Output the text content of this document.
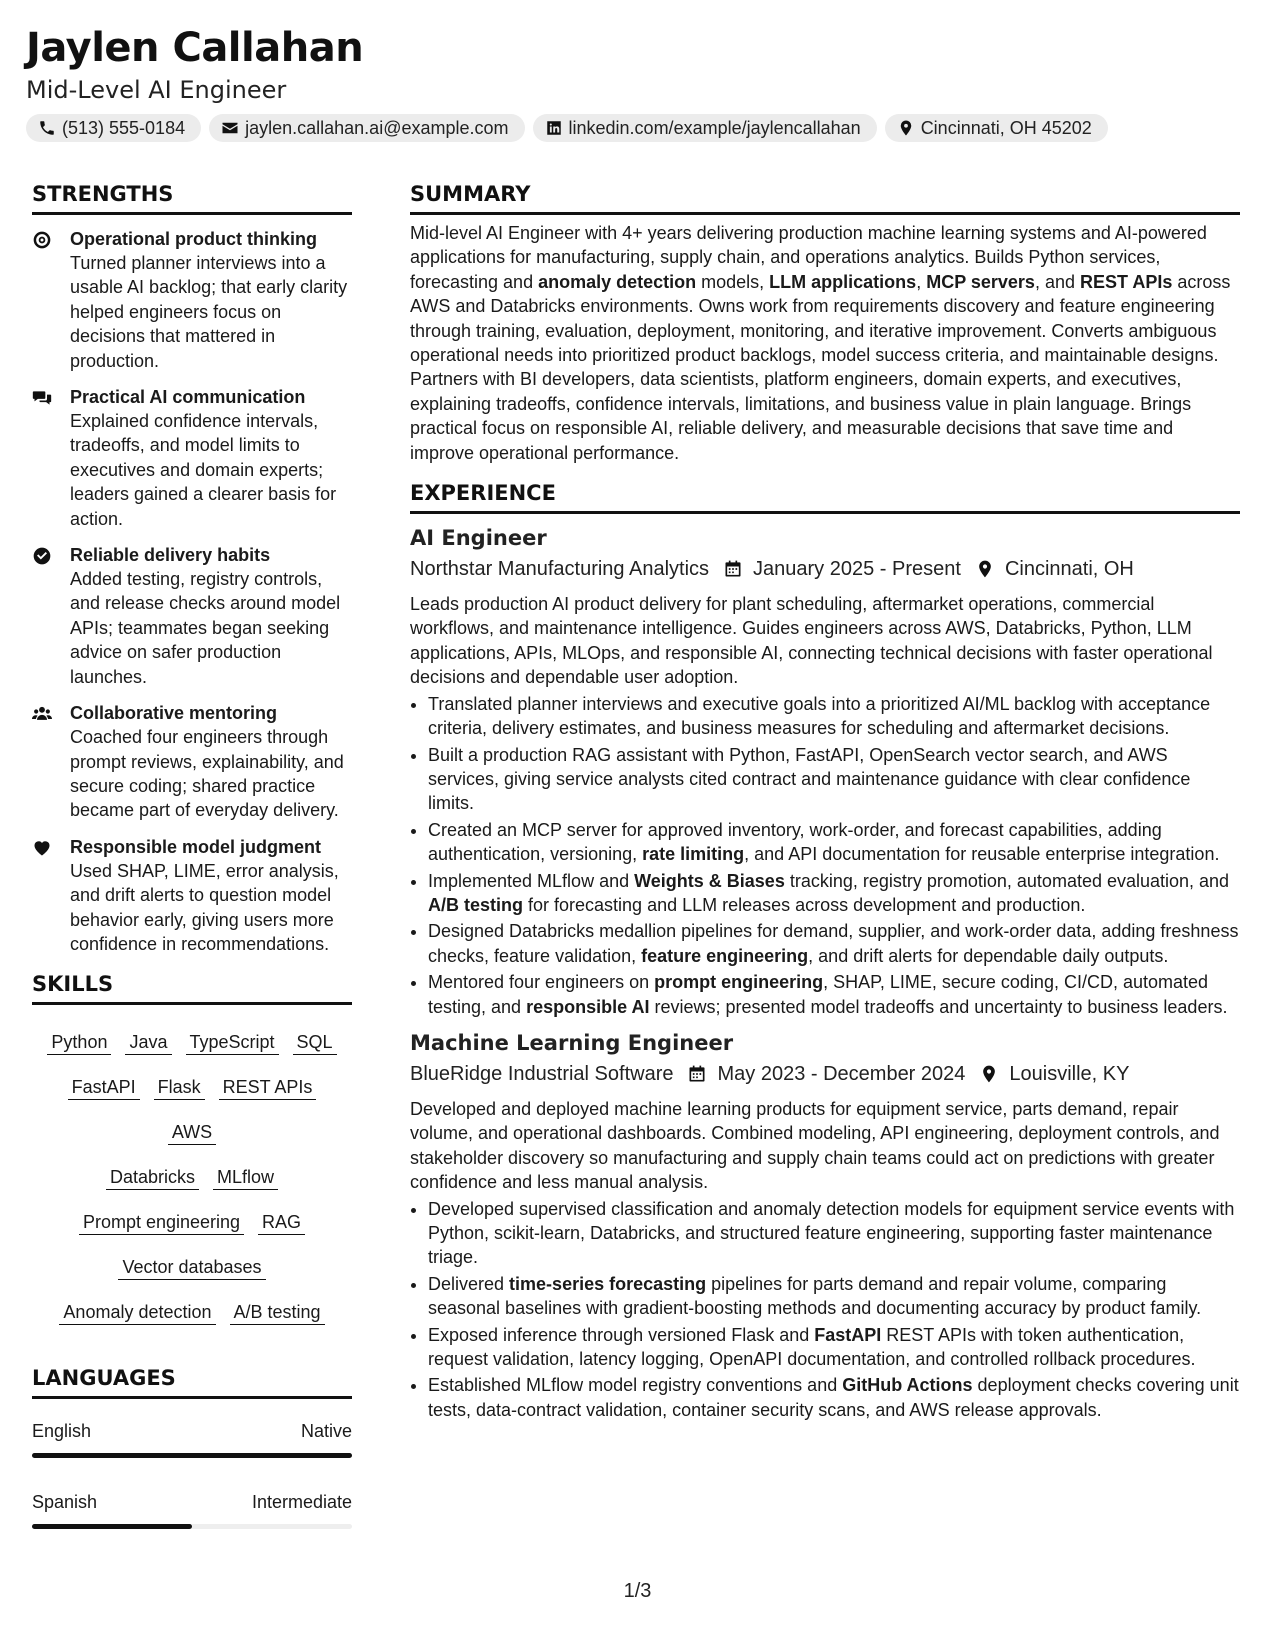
Jaylen Callahan

Mid-Level AI Engineer

(513) 555-0184	jaylen.callahan.ai@example.com	linkedin.com/example/jaylencallahan	Cincinnati, OH 45202
STRENGTHS
Operational product thinking
Turned planner interviews into a usable AI backlog; that early clarity helped engineers focus on decisions that mattered in production.
Practical AI communication
Explained confidence intervals, tradeoffs, and model limits to executives and domain experts; leaders gained a clearer basis for action.
Reliable delivery habits
Added testing, registry controls, and release checks around model APIs; teammates began seeking advice on safer production launches.
Collaborative mentoring
Coached four engineers through prompt reviews, explainability, and secure coding; shared practice became part of everyday delivery.
Responsible model judgment
Used SHAP, LIME, error analysis, and drift alerts to question model behavior early, giving users more confidence in recommendations.
SKILLS
Python Java TypeScript SQL
FastAPI Flask REST APIsAWS
Databricks MLflow
Prompt engineering RAG
Vector databases
Anomaly detection A/B testing
LANGUAGES
English	Native
Spanish	Intermediate
SUMMARY

Mid-level AI Engineer with 4+ years delivering production machine learning systems and AI-powered applications for manufacturing, supply chain, and operations analytics. Builds Python services, forecasting and anomaly detection models, LLM applications, MCP servers, and REST APIs across AWS and Databricks environments. Owns work from requirements discovery and feature engineering through training, evaluation, deployment, monitoring, and iterative improvement. Converts ambiguous operational needs into prioritized product backlogs, model success criteria, and maintainable designs. Partners with BI developers, data scientists, platform engineers, domain experts, and executives, explaining tradeoffs, confidence intervals, limitations, and business value in plain language. Brings practical focus on responsible AI, reliable delivery, and measurable decisions that save time and improve operational performance.

EXPERIENCE
AI Engineer
Northstar Manufacturing Analytics January 2025 - Present Cincinnati, OH

Leads production AI product delivery for plant scheduling, aftermarket operations, commercial workflows, and maintenance intelligence. Guides engineers across AWS, Databricks, Python, LLM applications, APIs, MLOps, and responsible AI, connecting technical decisions with faster operational decisions and dependable user adoption.

• Translated planner interviews and executive goals into a prioritized AI/ML backlog with acceptance criteria, delivery estimates, and business measures for scheduling and aftermarket decisions.
• Built a production RAG assistant with Python, FastAPI, OpenSearch vector search, and AWS services, giving service analysts cited contract and maintenance guidance with clear confidence limits.
• Created an MCP server for approved inventory, work-order, and forecast capabilities, adding authentication, versioning, rate limiting, and API documentation for reusable enterprise integration.
• Implemented MLflow and Weights & Biases tracking, registry promotion, automated evaluation, and A/B testing for forecasting and LLM releases across development and production.
• Designed Databricks medallion pipelines for demand, supplier, and work-order data, adding freshness checks, feature validation, feature engineering, and drift alerts for dependable daily outputs.
• Mentored four engineers on prompt engineering, SHAP, LIME, secure coding, CI/CD, automated testing, and responsible AI reviews; presented model tradeoffs and uncertainty to business leaders.
Machine Learning Engineer
BlueRidge Industrial Software May 2023 - December 2024 Louisville, KY

Developed and deployed machine learning products for equipment service, parts demand, repair volume, and operational dashboards. Combined modeling, API engineering, deployment controls, and stakeholder discovery so manufacturing and supply chain teams could act on predictions with greater confidence and less manual analysis.

• Developed supervised classification and anomaly detection models for equipment service events with Python, scikit-learn, Databricks, and structured feature engineering, supporting faster maintenance triage.
• Delivered time-series forecasting pipelines for parts demand and repair volume, comparing seasonal baselines with gradient-boosting methods and documenting accuracy by product family.
• Exposed inference through versioned Flask and FastAPI REST APIs with token authentication, request validation, latency logging, OpenAPI documentation, and controlled rollback procedures.
• Established MLflow model registry conventions and GitHub Actions deployment checks covering unit tests, data-contract validation, container security scans, and AWS release approvals.
1/3
